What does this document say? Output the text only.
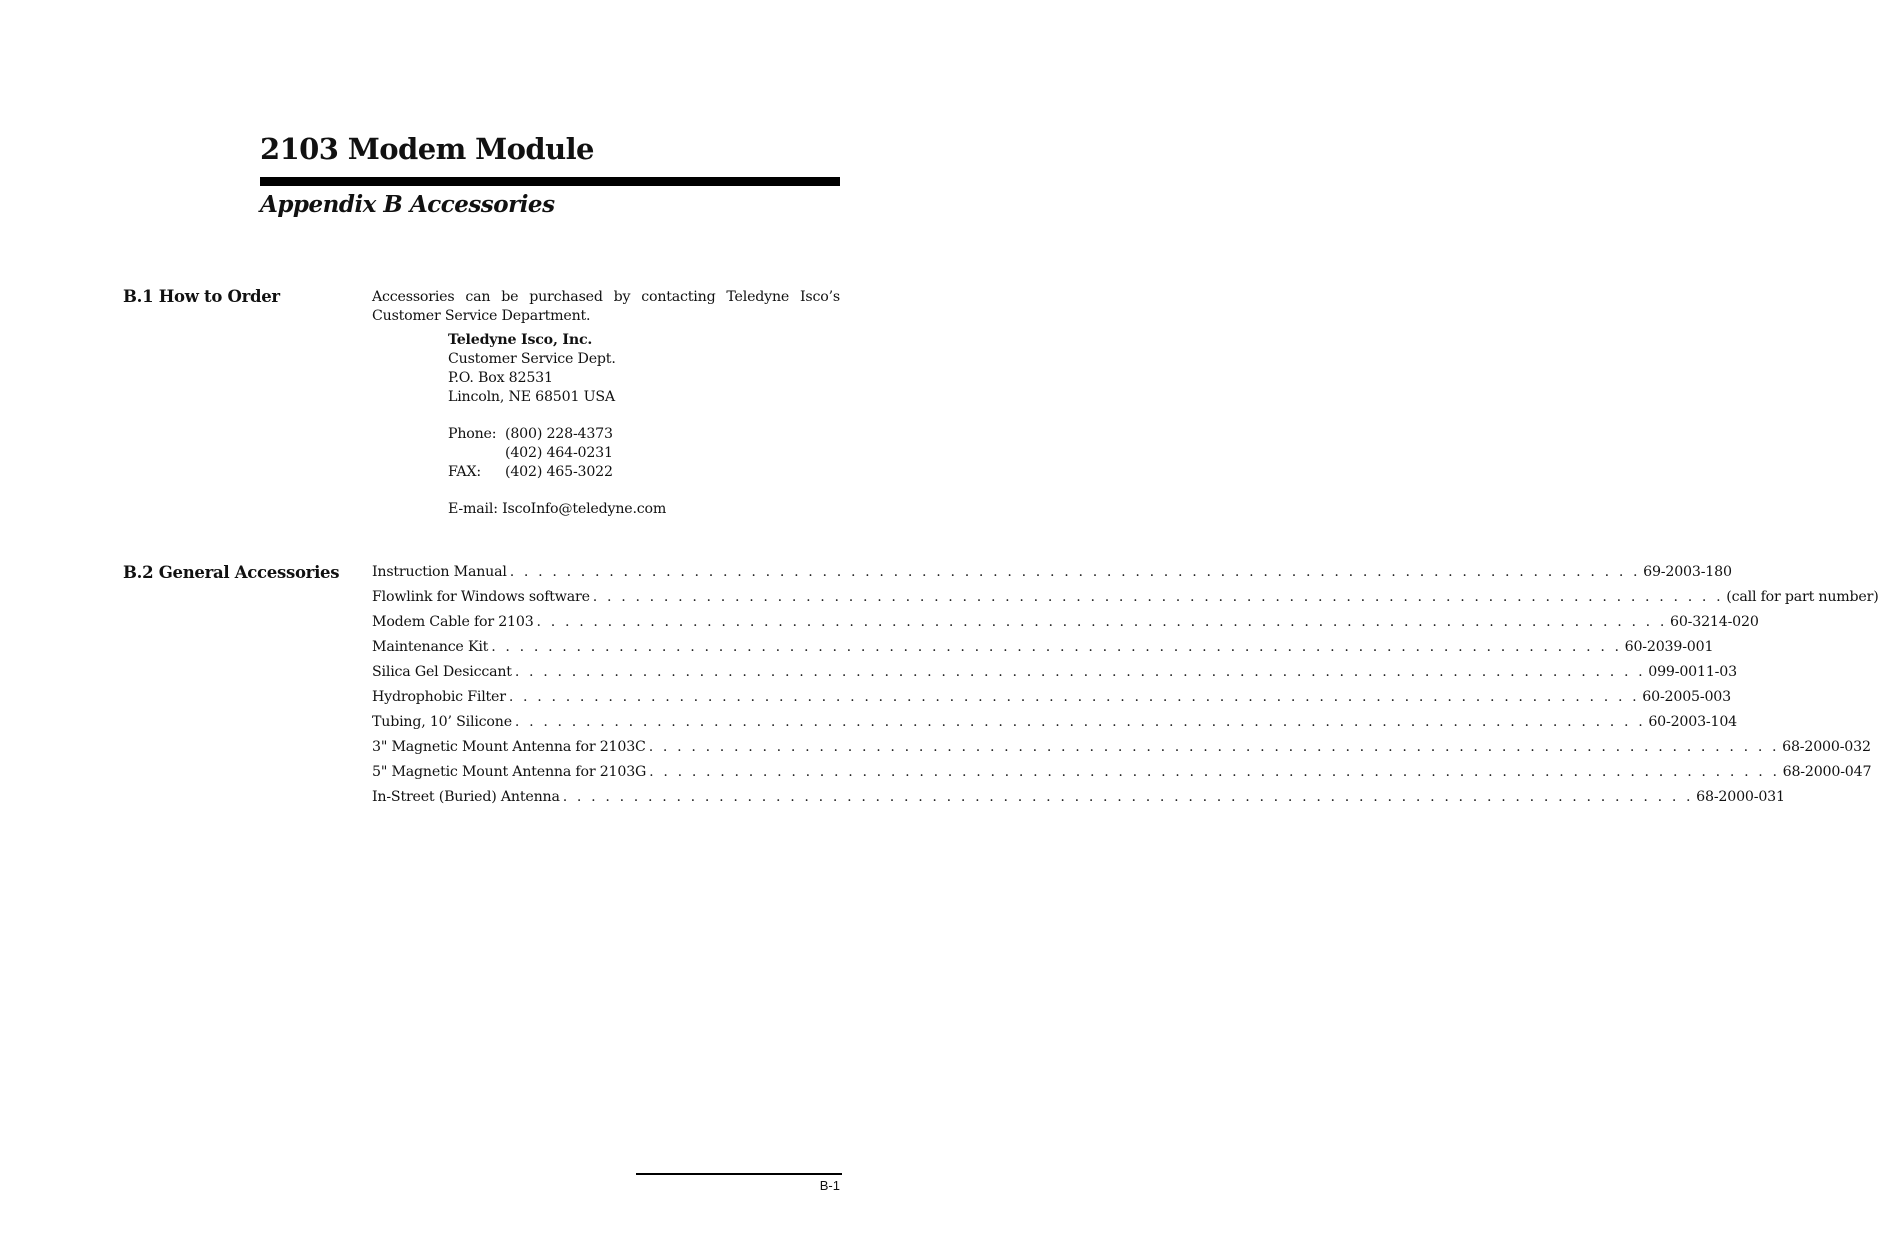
2103 Modem Module
Appendix B Accessories
B.1 How to Order	Accessories can be purchased by contacting Teledyne Isco’s Customer Service Department.

Teledyne Isco, Inc.
Customer Service Dept.
P.O. Box 82531
Lincoln, NE 68501 USA
Phone: (800) 228-4373
(402) 464-0231
FAX:	(402) 465-3022
E-mail: IscoInfo@teledyne.com
B.2 General Accessories Instruction Manual . . . . . . . . . . . . . . . . . . . . . . . . . . . . . . . . . . . . . . . . . . . . . . . . . . . . . . . . . . . . . . . . . . . . . . . . . . . . . . . . 69-2003-180
Flowlink for Windows software . . . . . . . . . . . . . . . . . . . . . . . . . . . . . . . . . . . . . . . . . . . . . . . . . . . . . . . . . . . . . . . . . . . . . . . . . . . . . . . . (call for part number)
Modem Cable for 2103 . . . . . . . . . . . . . . . . . . . . . . . . . . . . . . . . . . . . . . . . . . . . . . . . . . . . . . . . . . . . . . . . . . . . . . . . . . . . . . . . 60-3214-020
Maintenance Kit . . . . . . . . . . . . . . . . . . . . . . . . . . . . . . . . . . . . . . . . . . . . . . . . . . . . . . . . . . . . . . . . . . . . . . . . . . . . . . . . 60-2039-001
Silica Gel Desiccant . . . . . . . . . . . . . . . . . . . . . . . . . . . . . . . . . . . . . . . . . . . . . . . . . . . . . . . . . . . . . . . . . . . . . . . . . . . . . . . . 099-0011-03
Hydrophobic Filter . . . . . . . . . . . . . . . . . . . . . . . . . . . . . . . . . . . . . . . . . . . . . . . . . . . . . . . . . . . . . . . . . . . . . . . . . . . . . . . . 60-2005-003
Tubing, 10’ Silicone . . . . . . . . . . . . . . . . . . . . . . . . . . . . . . . . . . . . . . . . . . . . . . . . . . . . . . . . . . . . . . . . . . . . . . . . . . . . . . . . 60-2003-104
3" Magnetic Mount Antenna for 2103C . . . . . . . . . . . . . . . . . . . . . . . . . . . . . . . . . . . . . . . . . . . . . . . . . . . . . . . . . . . . . . . . . . . . . . . . . . . . . . . . 68-2000-032
5" Magnetic Mount Antenna for 2103G . . . . . . . . . . . . . . . . . . . . . . . . . . . . . . . . . . . . . . . . . . . . . . . . . . . . . . . . . . . . . . . . . . . . . . . . . . . . . . . . 68-2000-047
In-Street (Buried) Antenna . . . . . . . . . . . . . . . . . . . . . . . . . . . . . . . . . . . . . . . . . . . . . . . . . . . . . . . . . . . . . . . . . . . . . . . . . . . . . . . . 68-2000-031
B-1
